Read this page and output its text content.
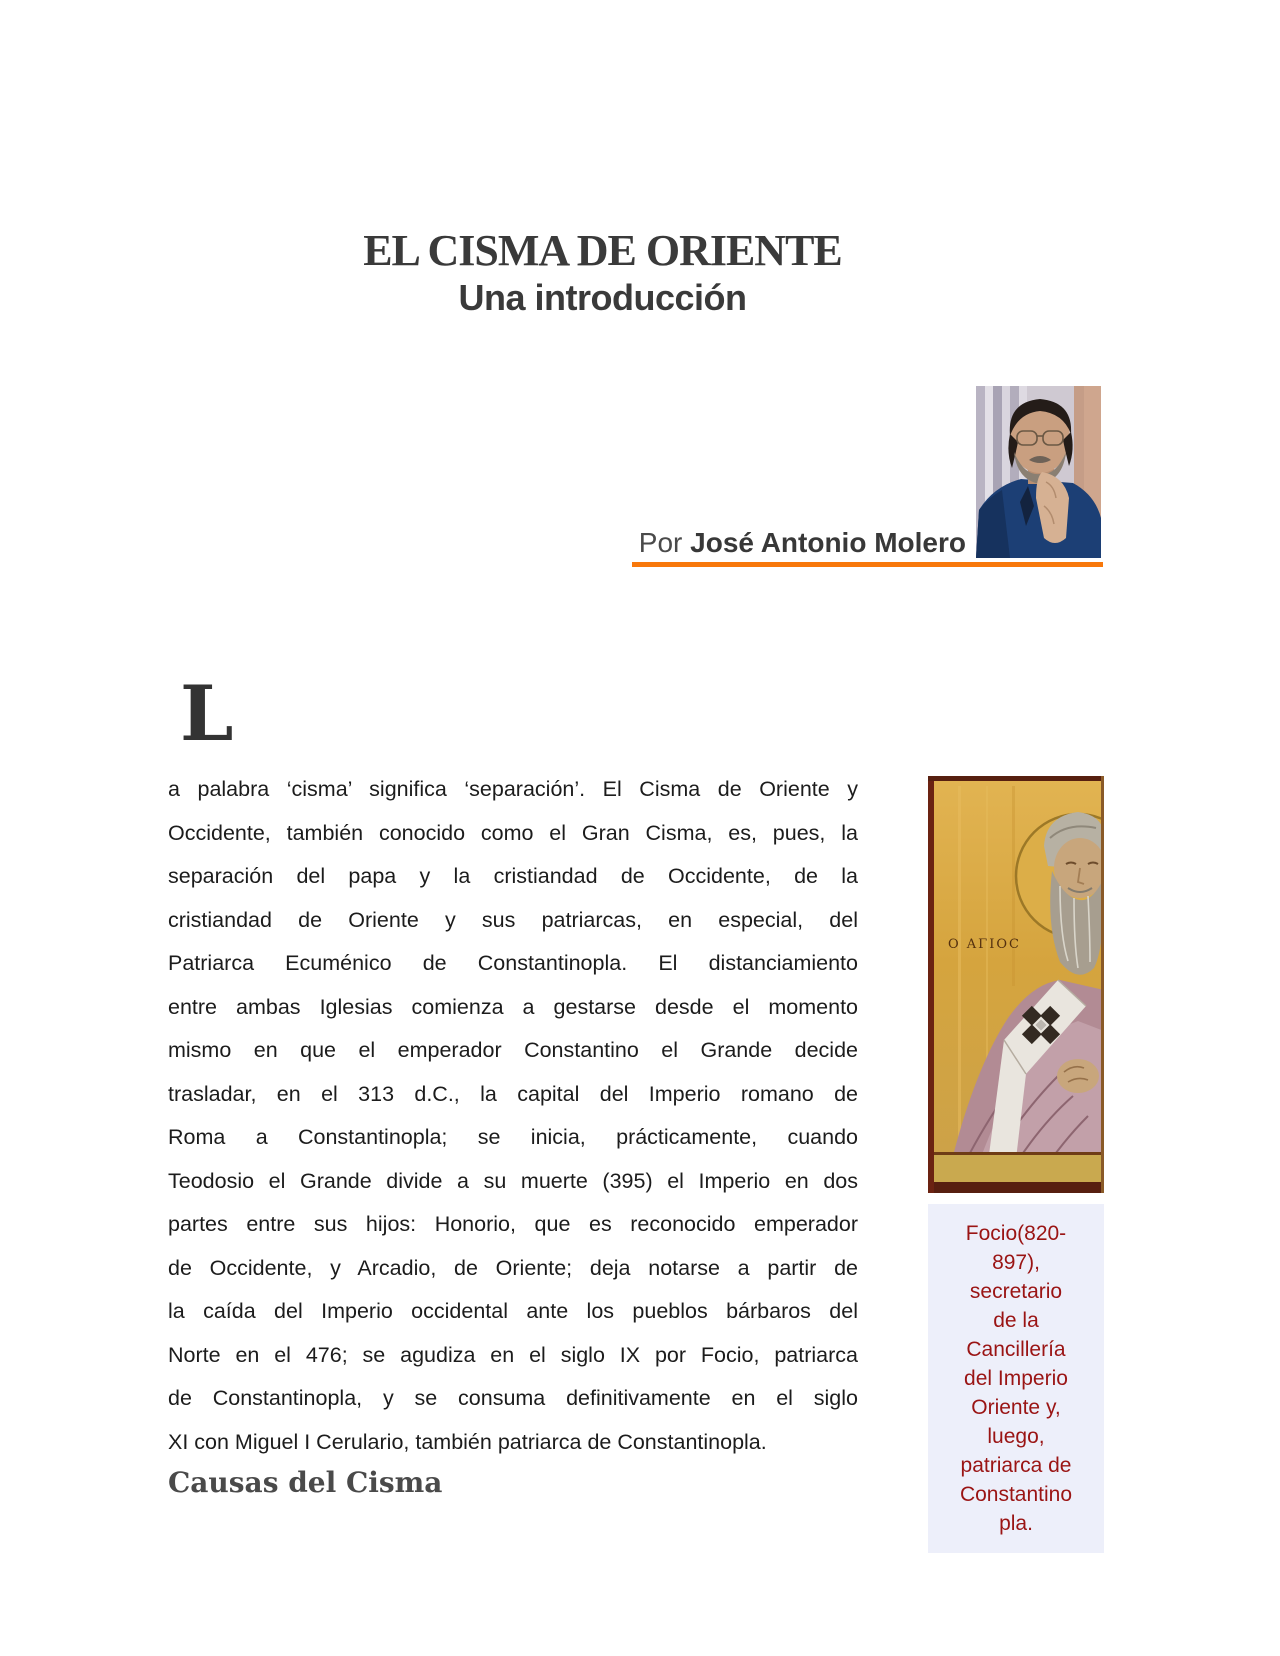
EL CISMA DE ORIENTE
Una introducción
Por José Antonio Molero
L
a palabra ‘cisma’ significa ‘separación’. El Cisma de Oriente y
Occidente, también conocido como el Gran Cisma, es, pues, la
separación del papa y la cristiandad de Occidente, de la
cristiandad de Oriente y sus patriarcas, en especial, del
Patriarca Ecuménico de Constantinopla. El distanciamiento
entre ambas Iglesias comienza a gestarse desde el momento
mismo en que el emperador Constantino el Grande decide
trasladar, en el 313 d.C., la capital del Imperio romano de
Roma a Constantinopla; se inicia, prácticamente, cuando
Teodosio el Grande divide a su muerte (395) el Imperio en dos
partes entre sus hijos: Honorio, que es reconocido emperador
de Occidente, y Arcadio, de Oriente; deja notarse a partir de
la caída del Imperio occidental ante los pueblos bárbaros del
Norte en el 476; se agudiza en el siglo IX por Focio, patriarca
de Constantinopla, y se consuma definitivamente en el siglo
XI con Miguel I Cerulario, también patriarca de Constantinopla.
Causas del Cisma
Ο ΑΓΙΟϹ
Focio(820-
897),
secretario
de la
Cancillería
del Imperio
Oriente y,
luego,
patriarca de
Constantino
pla.
